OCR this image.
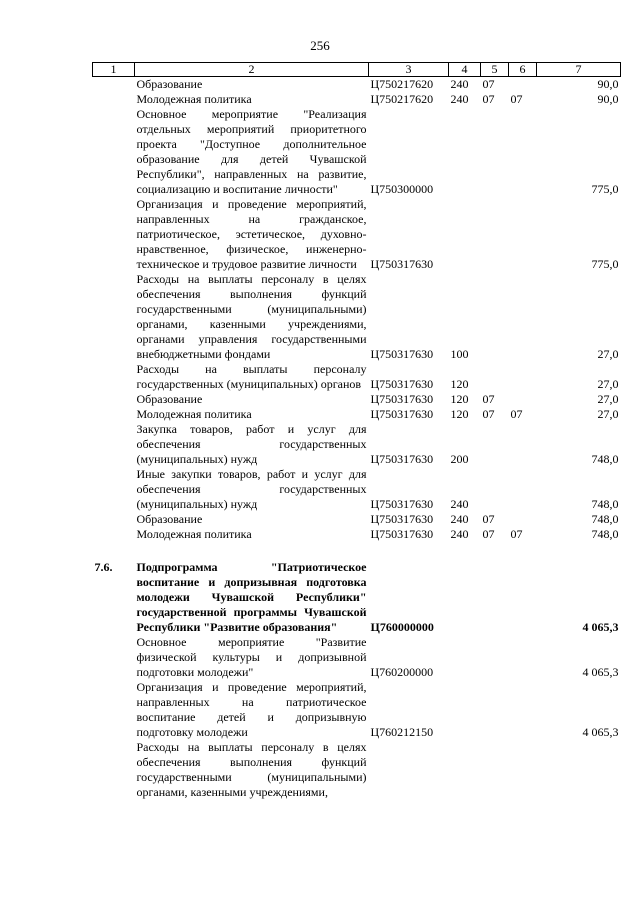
256
1	2	3	4	5	6	7
	Образование	Ц750217620	240	07		90,0
	Молодежная политика	Ц750217620	240	07	07	90,0
	Основное мероприятие "Реализация отдельных мероприятий приоритетного проекта "Доступное дополнительное образование для детей Чувашской Республики", направленных на развитие, социализацию и воспитание личности"	Ц750300000				775,0
	Организация и проведение мероприятий, направленных на гражданское, патриотическое, эстетическое, духовно-нравственное, физическое, инженерно-техническое и трудовое развитие личности	Ц750317630				775,0
	Расходы на выплаты персоналу в целях обеспечения выполнения функций государственными (муниципальными) органами, казенными учреждениями, органами управления государственными внебюджетными фондами	Ц750317630	100			27,0
	Расходы на выплаты персоналу государственных (муниципальных) органов	Ц750317630	120			27,0
	Образование	Ц750317630	120	07		27,0
	Молодежная политика	Ц750317630	120	07	07	27,0
	Закупка товаров, работ и услуг для обеспечения государственных (муниципальных) нужд	Ц750317630	200			748,0
	Иные закупки товаров, работ и услуг для обеспечения государственных (муниципальных) нужд	Ц750317630	240			748,0
	Образование	Ц750317630	240	07		748,0
	Молодежная политика	Ц750317630	240	07	07	748,0

7.6.	Подпрограмма "Патриотическое воспитание и допризывная подготовка молодежи Чувашской Республики" государственной программы Чувашской Республики "Развитие образования"	Ц760000000				4 065,3
	Основное мероприятие "Развитие физической культуры и допризывной подготовки молодежи"	Ц760200000				4 065,3
	Организация и проведение мероприятий, направленных на патриотическое воспитание детей и допризывную подготовку молодежи	Ц760212150				4 065,3
	Расходы на выплаты персоналу в целях обеспечения выполнения функций государственными (муниципальными) органами, казенными учреждениями,					
